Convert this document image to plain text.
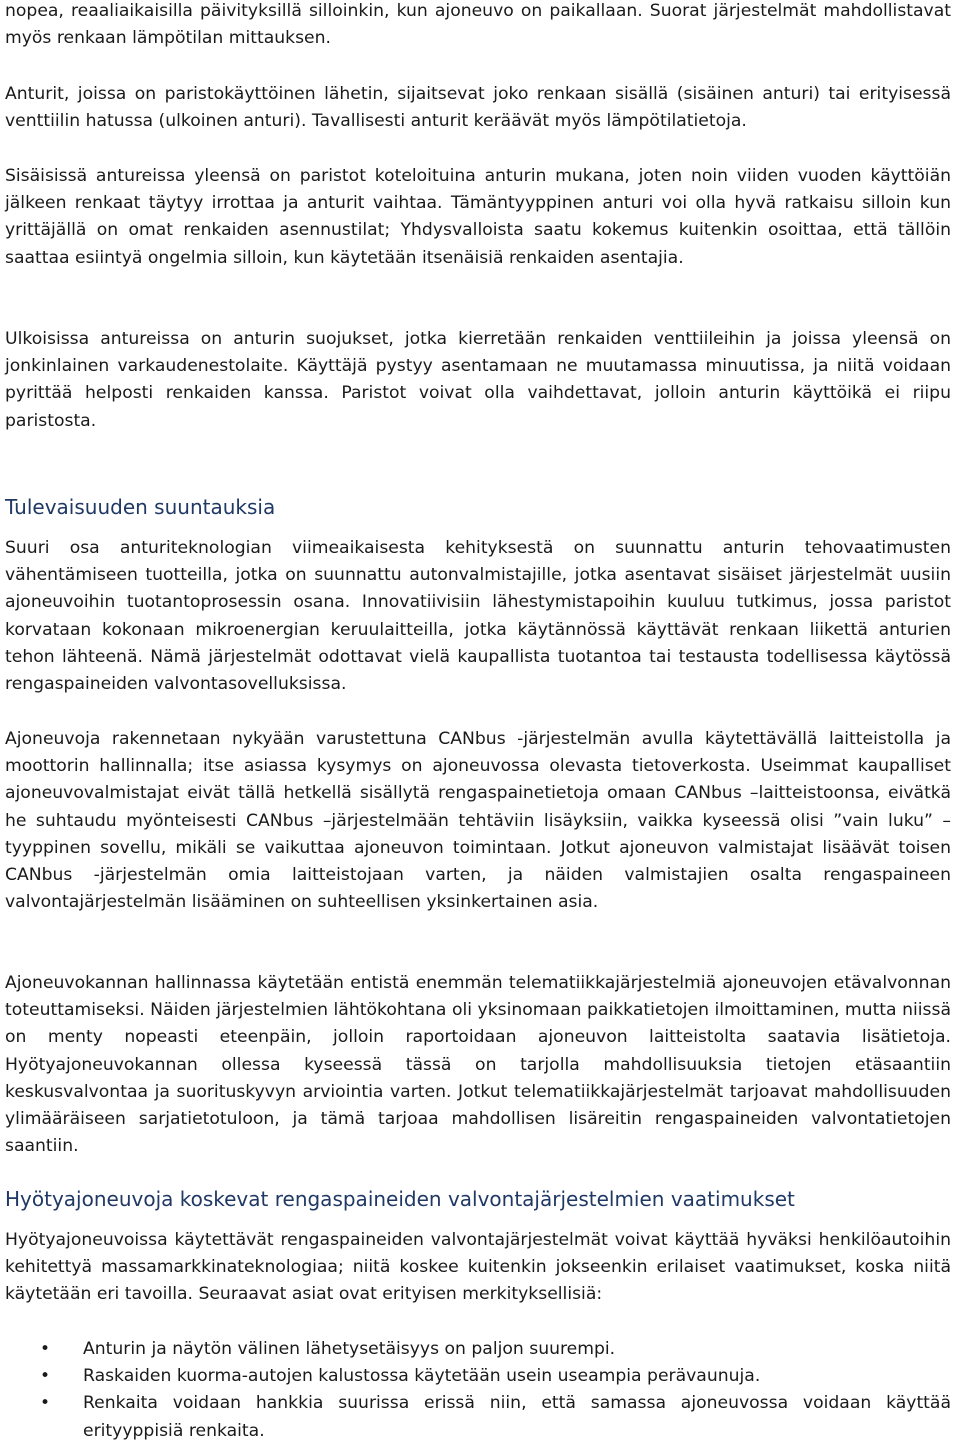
nopea, reaaliaikaisilla päivityksillä silloinkin, kun ajoneuvo on paikallaan. Suorat järjestelmät mahdollistavat myös renkaan lämpötilan mittauksen.

Anturit, joissa on paristokäyttöinen lähetin, sijaitsevat joko renkaan sisällä (sisäinen anturi) tai erityisessä venttiilin hatussa (ulkoinen anturi). Tavallisesti anturit keräävät myös lämpötilatietoja.

Sisäisissä antureissa yleensä on paristot koteloituina anturin mukana, joten noin viiden vuoden käyttöiän jälkeen renkaat täytyy irrottaa ja anturit vaihtaa. Tämäntyyppinen anturi voi olla hyvä ratkaisu silloin kun yrittäjällä on omat renkaiden asennustilat; Yhdysvalloista saatu kokemus kuitenkin osoittaa, että tällöin saattaa esiintyä ongelmia silloin, kun käytetään itsenäisiä renkaiden asentajia.

Ulkoisissa antureissa on anturin suojukset, jotka kierretään renkaiden venttiileihin ja joissa yleensä on jonkinlainen varkaudenestolaite. Käyttäjä pystyy asentamaan ne muutamassa minuutissa, ja niitä voidaan pyrittää helposti renkaiden kanssa. Paristot voivat olla vaihdettavat, jolloin anturin käyttöikä ei riipu paristosta.

Tulevaisuuden suuntauksia

Suuri osa anturiteknologian viimeaikaisesta kehityksestä on suunnattu anturin tehovaatimusten vähentämiseen tuotteilla, jotka on suunnattu autonvalmistajille, jotka asentavat sisäiset järjestelmät uusiin ajoneuvoihin tuotantoprosessin osana. Innovatiivisiin lähestymistapoihin kuuluu tutkimus, jossa paristot korvataan kokonaan mikroenergian keruulaitteilla, jotka käytännössä käyttävät renkaan liikettä anturien tehon lähteenä. Nämä järjestelmät odottavat vielä kaupallista tuotantoa tai testausta todellisessa käytössä rengaspaineiden valvontasovelluksissa.

Ajoneuvoja rakennetaan nykyään varustettuna CANbus -järjestelmän avulla käytettävällä laitteistolla ja moottorin hallinnalla; itse asiassa kysymys on ajoneuvossa olevasta tietoverkosta. Useimmat kaupalliset ajoneuvovalmistajat eivät tällä hetkellä sisällytä rengaspainetietoja omaan CANbus –laitteistoonsa, eivätkä he suhtaudu myönteisesti CANbus –järjestelmään tehtäviin lisäyksiin, vaikka kyseessä olisi ”vain luku” –tyyppinen sovellu, mikäli se vaikuttaa ajoneuvon toimintaan. Jotkut ajoneuvon valmistajat lisäävät toisen CANbus -järjestelmän omia laitteistojaan varten, ja näiden valmistajien osalta rengaspaineen valvontajärjestelmän lisääminen on suhteellisen yksinkertainen asia.

Ajoneuvokannan hallinnassa käytetään entistä enemmän telematiikkajärjestelmiä ajoneuvojen etävalvonnan toteuttamiseksi. Näiden järjestelmien lähtökohtana oli yksinomaan paikkatietojen ilmoittaminen, mutta niissä on menty nopeasti eteenpäin, jolloin raportoidaan ajoneuvon laitteistolta saatavia lisätietoja. Hyötyajoneuvokannan ollessa kyseessä tässä on tarjolla mahdollisuuksia tietojen etäsaantiin keskusvalvontaa ja suorituskyvyn arviointia varten. Jotkut telematiikkajärjestelmät tarjoavat mahdollisuuden ylimääräiseen sarjatietotuloon, ja tämä tarjoaa mahdollisen lisäreitin rengaspaineiden valvontatietojen saantiin.

Hyötyajoneuvoja koskevat rengaspaineiden valvontajärjestelmien vaatimukset

Hyötyajoneuvoissa käytettävät rengaspaineiden valvontajärjestelmät voivat käyttää hyväksi henkilöautoihin kehitettyä massamarkkinateknologiaa; niitä koskee kuitenkin jokseenkin erilaiset vaatimukset, koska niitä käytetään eri tavoilla. Seuraavat asiat ovat erityisen merkityksellisiä:

• Anturin ja näytön välinen lähetysetäisyys on paljon suurempi.
• Raskaiden kuorma-autojen kalustossa käytetään usein useampia perävaunuja.
• Renkaita voidaan hankkia suurissa erissä niin, että samassa ajoneuvossa voidaan käyttää erityyppisiä renkaita.
